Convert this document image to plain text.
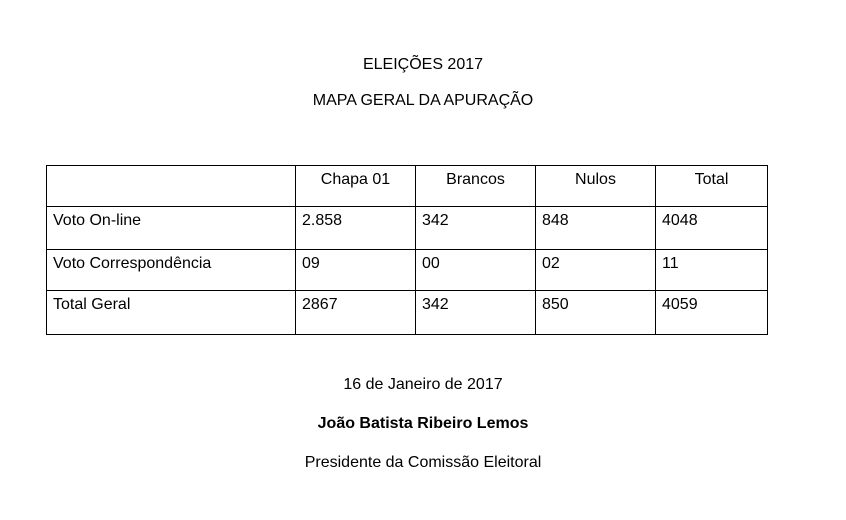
ELEIÇÕES 2017
MAPA GERAL DA APURAÇÃO
	Chapa 01	Brancos	Nulos	Total
Voto On-line	2.858	342	848	4048
Voto Correspondência	09	00	02	11
Total Geral	2867	342	850	4059
16 de Janeiro de 2017
João Batista Ribeiro Lemos
Presidente da Comissão Eleitoral
